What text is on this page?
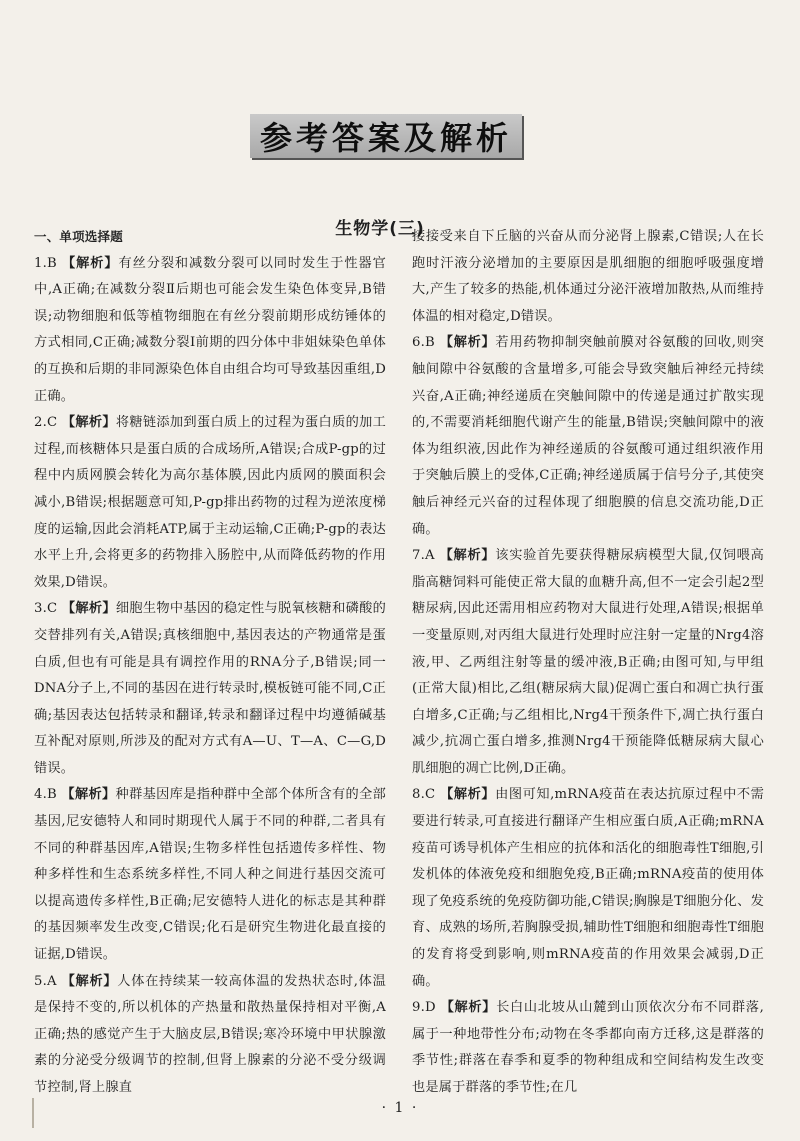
参考答案及解析
生物学(三)
一、单项选择题

1.B 【解析】有丝分裂和减数分裂可以同时发生于性器官中,A正确;在减数分裂Ⅱ后期也可能会发生染色体变异,B错误;动物细胞和低等植物细胞在有丝分裂前期形成纺锤体的方式相同,C正确;减数分裂Ⅰ前期的四分体中非姐妹染色单体的互换和后期的非同源染色体自由组合均可导致基因重组,D正确。

2.C 【解析】将糖链添加到蛋白质上的过程为蛋白质的加工过程,而核糖体只是蛋白质的合成场所,A错误;合成P-gp的过程中内质网膜会转化为高尔基体膜,因此内质网的膜面积会减小,B错误;根据题意可知,P-gp排出药物的过程为逆浓度梯度的运输,因此会消耗ATP,属于主动运输,C正确;P-gp的表达水平上升,会将更多的药物排入肠腔中,从而降低药物的作用效果,D错误。

3.C 【解析】细胞生物中基因的稳定性与脱氧核糖和磷酸的交替排列有关,A错误;真核细胞中,基因表达的产物通常是蛋白质,但也有可能是具有调控作用的RNA分子,B错误;同一DNA分子上,不同的基因在进行转录时,模板链可能不同,C正确;基因表达包括转录和翻译,转录和翻译过程中均遵循碱基互补配对原则,所涉及的配对方式有A—U、T—A、C—G,D错误。

4.B 【解析】种群基因库是指种群中全部个体所含有的全部基因,尼安德特人和同时期现代人属于不同的种群,二者具有不同的种群基因库,A错误;生物多样性包括遗传多样性、物种多样性和生态系统多样性,不同人种之间进行基因交流可以提高遗传多样性,B正确;尼安德特人进化的标志是其种群的基因频率发生改变,C错误;化石是研究生物进化最直接的证据,D错误。

5.A 【解析】人体在持续某一较高体温的发热状态时,体温是保持不变的,所以机体的产热量和散热量保持相对平衡,A正确;热的感觉产生于大脑皮层,B错误;寒冷环境中甲状腺激素的分泌受分级调节的控制,但肾上腺素的分泌不受分级调节控制,肾上腺直

接接受来自下丘脑的兴奋从而分泌肾上腺素,C错误;人在长跑时汗液分泌增加的主要原因是肌细胞的细胞呼吸强度增大,产生了较多的热能,机体通过分泌汗液增加散热,从而维持体温的相对稳定,D错误。

6.B 【解析】若用药物抑制突触前膜对谷氨酸的回收,则突触间隙中谷氨酸的含量增多,可能会导致突触后神经元持续兴奋,A正确;神经递质在突触间隙中的传递是通过扩散实现的,不需要消耗细胞代谢产生的能量,B错误;突触间隙中的液体为组织液,因此作为神经递质的谷氨酸可通过组织液作用于突触后膜上的受体,C正确;神经递质属于信号分子,其使突触后神经元兴奋的过程体现了细胞膜的信息交流功能,D正确。

7.A 【解析】该实验首先要获得糖尿病模型大鼠,仅饲喂高脂高糖饲料可能使正常大鼠的血糖升高,但不一定会引起2型糖尿病,因此还需用相应药物对大鼠进行处理,A错误;根据单一变量原则,对丙组大鼠进行处理时应注射一定量的Nrg4溶液,甲、乙两组注射等量的缓冲液,B正确;由图可知,与甲组(正常大鼠)相比,乙组(糖尿病大鼠)促凋亡蛋白和凋亡执行蛋白增多,C正确;与乙组相比,Nrg4干预条件下,凋亡执行蛋白减少,抗凋亡蛋白增多,推测Nrg4干预能降低糖尿病大鼠心肌细胞的凋亡比例,D正确。

8.C 【解析】由图可知,mRNA疫苗在表达抗原过程中不需要进行转录,可直接进行翻译产生相应蛋白质,A正确;mRNA疫苗可诱导机体产生相应的抗体和活化的细胞毒性T细胞,引发机体的体液免疫和细胞免疫,B正确;mRNA疫苗的使用体现了免疫系统的免疫防御功能,C错误;胸腺是T细胞分化、发育、成熟的场所,若胸腺受损,辅助性T细胞和细胞毒性T细胞的发育将受到影响,则mRNA疫苗的作用效果会减弱,D正确。

9.D 【解析】长白山北坡从山麓到山顶依次分布不同群落,属于一种地带性分布;动物在冬季都向南方迁移,这是群落的季节性;群落在春季和夏季的物种组成和空间结构发生改变也是属于群落的季节性;在几

· 1 ·
